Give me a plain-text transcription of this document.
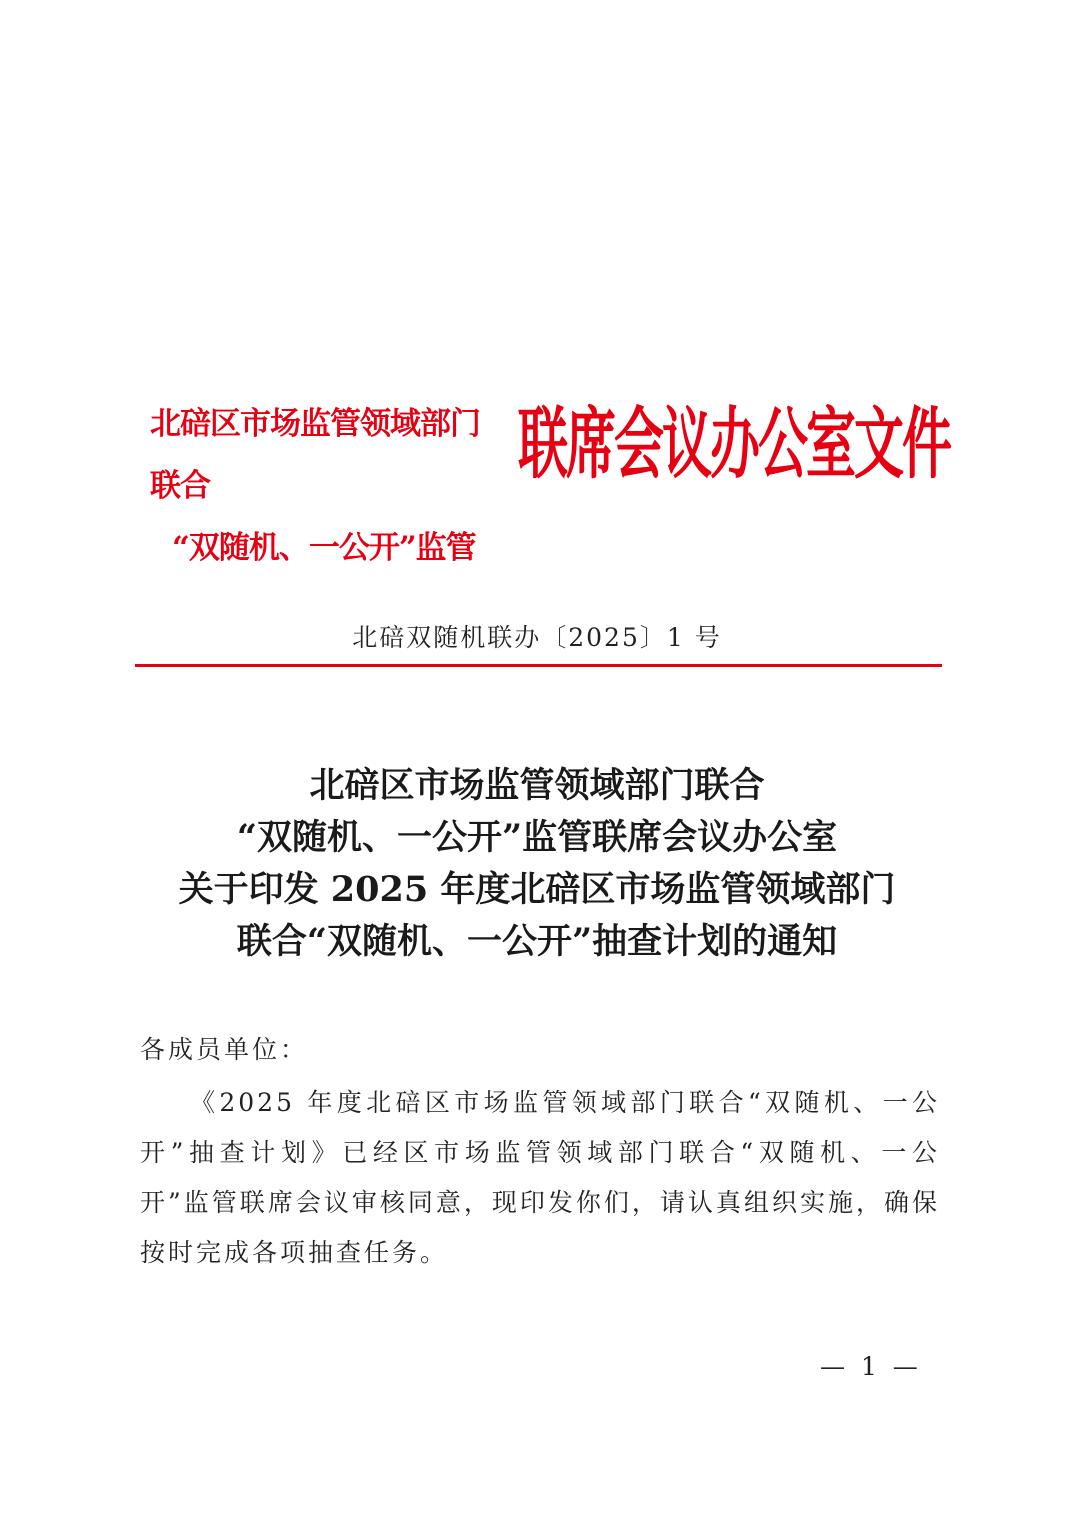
北碚区市场监管领域部门联合
“双随机、一公开”监管
联席会议办公室文件
北碚双随机联办〔2025〕1 号
北碚区市场监管领域部门联合
“双随机、一公开”监管联席会议办公室
关于印发 2025 年度北碚区市场监管领域部门
联合“双随机、一公开”抽查计划的通知
各成员单位：
《2025 年度北碚区市场监管领域部门联合“双随机、一公开”抽查计划》已经区市场监管领域部门联合“双随机、一公开”监管联席会议审核同意，现印发你们，请认真组织实施，确保按时完成各项抽查任务。
— 1 —
